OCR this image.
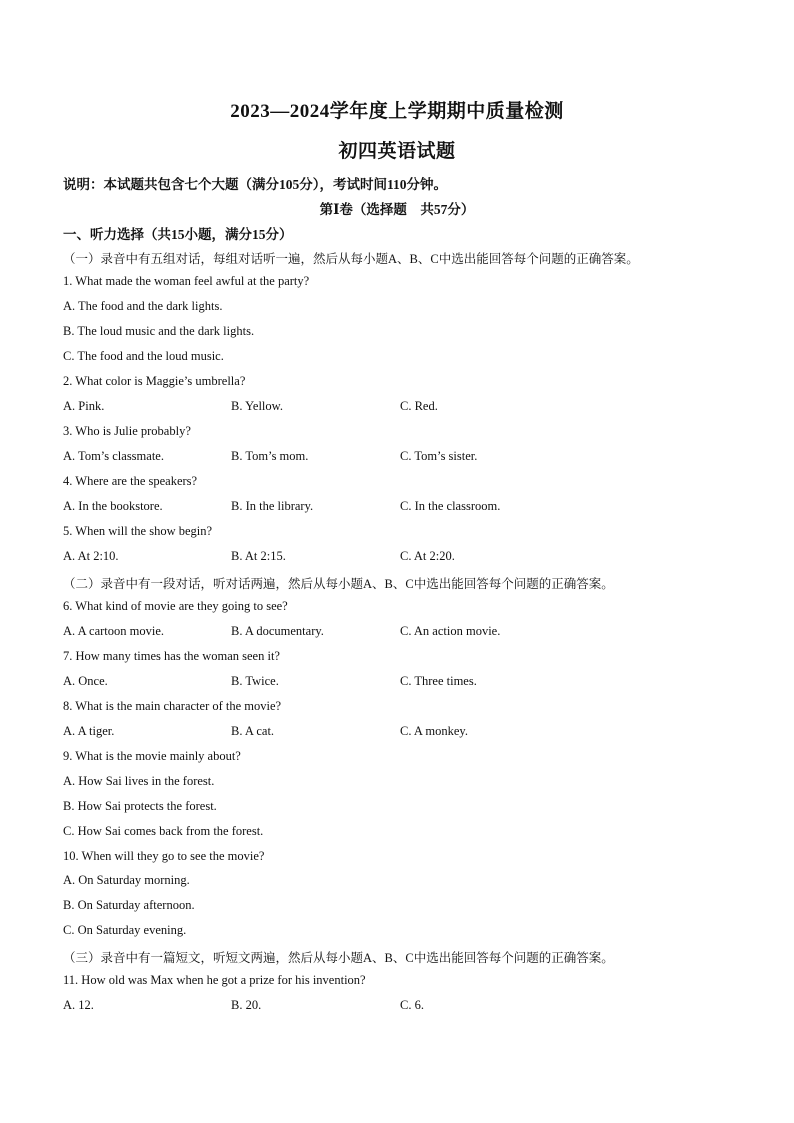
2023—2024学年度上学期期中质量检测
初四英语试题
说明：本试题共包含七个大题（满分105分），考试时间110分钟。
第Ⅰ卷（选择题　共57分）
一、听力选择（共15小题，满分15分）
（一）录音中有五组对话，每组对话听一遍，然后从每小题A、B、C中选出能回答每个问题的正确答案。
1. What made the woman feel awful at the party?
A. The food and the dark lights.
B. The loud music and the dark lights.
C. The food and the loud music.
2. What color is Maggie’s umbrella?
A. Pink.	B. Yellow.	C. Red.
3. Who is Julie probably?
A. Tom’s classmate.	B. Tom’s mom.	C. Tom’s sister.
4. Where are the speakers?
A. In the bookstore.	B. In the library.	C. In the classroom.
5. When will the show begin?
A. At 2:10.	B. At 2:15.	C. At 2:20.
（二）录音中有一段对话，听对话两遍，然后从每小题A、B、C中选出能回答每个问题的正确答案。
6. What kind of movie are they going to see?
A. A cartoon movie.	B. A documentary.	C. An action movie.
7. How many times has the woman seen it?
A. Once.	B. Twice.	C. Three times.
8. What is the main character of the movie?
A. A tiger.	B. A cat.	C. A monkey.
9. What is the movie mainly about?
A. How Sai lives in the forest.
B. How Sai protects the forest.
C. How Sai comes back from the forest.
10. When will they go to see the movie?
A. On Saturday morning.
B. On Saturday afternoon.
C. On Saturday evening.
（三）录音中有一篇短文，听短文两遍，然后从每小题A、B、C中选出能回答每个问题的正确答案。
11. How old was Max when he got a prize for his invention?
A. 12.	B. 20.	C. 6.
